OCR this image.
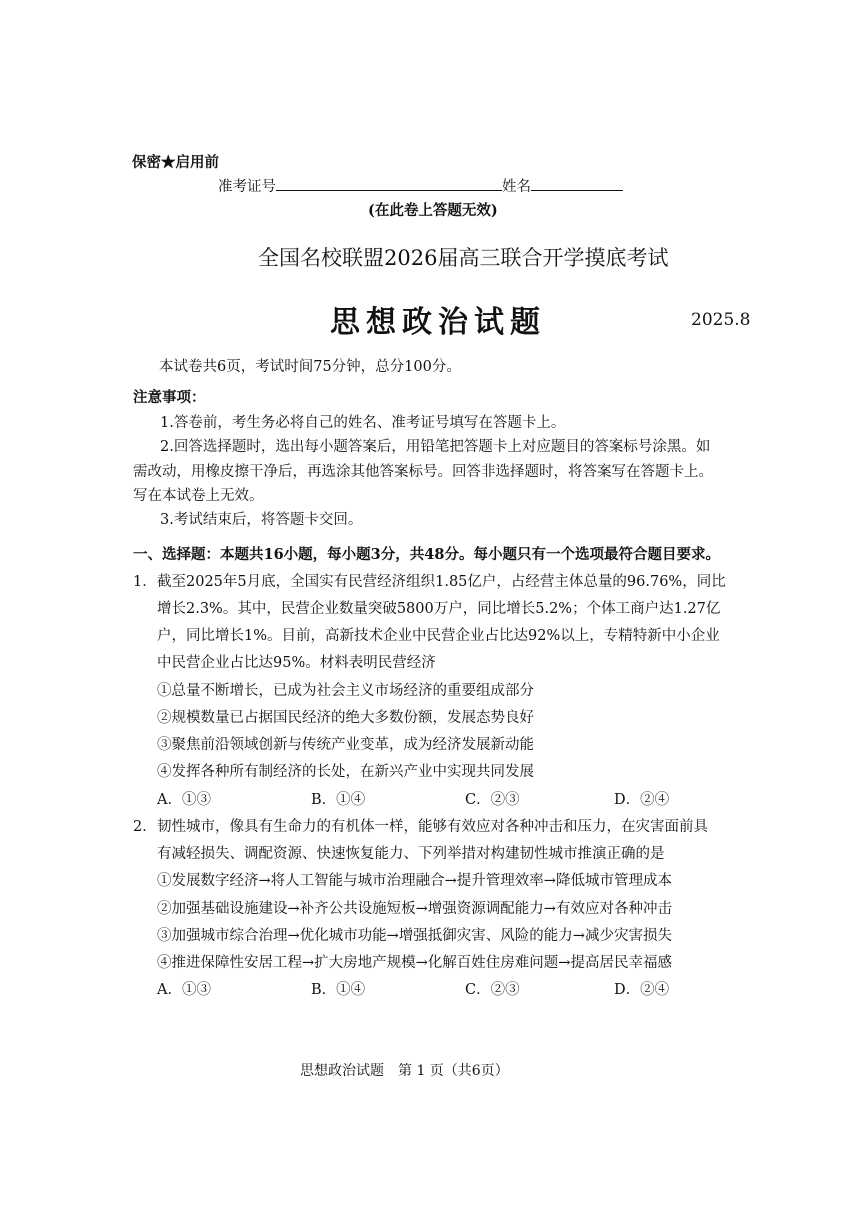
保密★启用前
准考证号	姓名
(在此卷上答题无效)
全国名校联盟2026届高三联合开学摸底考试
思想政治试题	2025.8
本试卷共6页，考试时间75分钟，总分100分。
注意事项：
1.答卷前，考生务必将自己的姓名、准考证号填写在答题卡上。
2.回答选择题时，选出每小题答案后，用铅笔把答题卡上对应题目的答案标号涂黑。如
需改动，用橡皮擦干净后，再选涂其他答案标号。回答非选择题时，将答案写在答题卡上。
写在本试卷上无效。
3.考试结束后，将答题卡交回。
一、选择题：本题共16小题，每小题3分，共48分。每小题只有一个选项最符合题目要求。
1． 截至2025年5月底，全国实有民营经济组织1.85亿户，占经营主体总量的96.76%，同比
增长2.3%。其中，民营企业数量突破5800万户，同比增长5.2%；个体工商户达1.27亿
户，同比增长1%。目前，高新技术企业中民营企业占比达92%以上，专精特新中小企业
中民营企业占比达95%。材料表明民营经济
①总量不断增长，已成为社会主义市场经济的重要组成部分
②规模数量已占据国民经济的绝大多数份额，发展态势良好
③聚焦前沿领域创新与传统产业变革，成为经济发展新动能
④发挥各种所有制经济的长处，在新兴产业中实现共同发展
A．①③	B．①④	C．②③	D．②④
2． 韧性城市，像具有生命力的有机体一样，能够有效应对各种冲击和压力，在灾害面前具
有减轻损失、调配资源、快速恢复能力、下列举措对构建韧性城市推演正确的是
①发展数字经济→将人工智能与城市治理融合→提升管理效率→降低城市管理成本
②加强基础设施建设→补齐公共设施短板→增强资源调配能力→有效应对各种冲击
③加强城市综合治理→优化城市功能→增强抵御灾害、风险的能力→减少灾害损失
④推进保障性安居工程→扩大房地产规模→化解百姓住房难问题→提高居民幸福感
A．①③	B．①④	C．②③	D．②④
思想政治试题　第 1 页（共6页）
